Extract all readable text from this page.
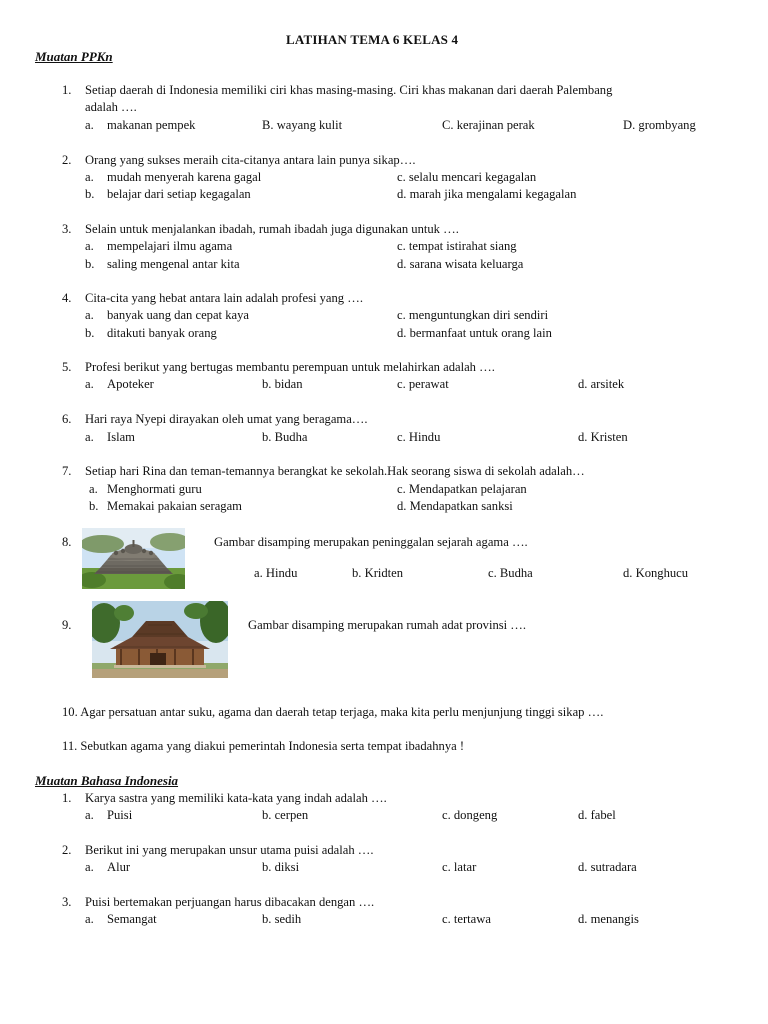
LATIHAN TEMA 6 KELAS 4
Muatan PPKn
1. Setiap daerah di Indonesia memiliki ciri khas masing-masing. Ciri khas makanan dari daerah Palembang
adalah ….
a. makanan pempek	B. wayang kulit	C. kerajinan perak	D. grombyang
2. Orang yang sukses meraih cita-citanya antara lain punya sikap….
a. mudah menyerah karena gagal	c. selalu mencari kegagalan
b. belajar dari setiap kegagalan	d. marah jika mengalami kegagalan
3. Selain untuk menjalankan ibadah, rumah ibadah juga digunakan untuk ….
a. mempelajari ilmu agama	c. tempat istirahat siang
b. saling mengenal antar kita	d. sarana wisata keluarga
4. Cita-cita yang hebat antara lain adalah profesi yang ….
a. banyak uang dan cepat kaya	c. menguntungkan diri sendiri
b. ditakuti banyak orang	d. bermanfaat untuk orang lain
5. Profesi berikut yang bertugas membantu perempuan untuk melahirkan adalah ….
a. Apoteker	b. bidan	c. perawat	d. arsitek
6. Hari raya Nyepi dirayakan oleh umat yang beragama….
a. Islam	b. Budha	c. Hindu	d. Kristen
7. Setiap hari Rina dan teman-temannya berangkat ke sekolah.Hak seorang siswa di sekolah adalah…
a. Menghormati guru	c. Mendapatkan pelajaran
b. Memakai pakaian seragam	d. Mendapatkan sanksi
8.	Gambar disamping merupakan peninggalan sejarah agama ….
a. Hindu	b. Kridten	c. Budha	d. Konghucu
9.	Gambar disamping merupakan rumah adat provinsi ….
10. Agar persatuan antar suku, agama dan daerah tetap terjaga, maka kita perlu menjunjung tinggi sikap ….
11. Sebutkan agama yang diakui pemerintah Indonesia serta tempat ibadahnya !
Muatan Bahasa Indonesia
1. Karya sastra yang memiliki kata-kata yang indah adalah ….
a. Puisi	b. cerpen	c. dongeng	d. fabel
2. Berikut ini yang merupakan unsur utama puisi adalah ….
a. Alur	b. diksi	c. latar	d. sutradara
3. Puisi bertemakan perjuangan harus dibacakan dengan ….
a. Semangat	b. sedih	c. tertawa	d. menangis
